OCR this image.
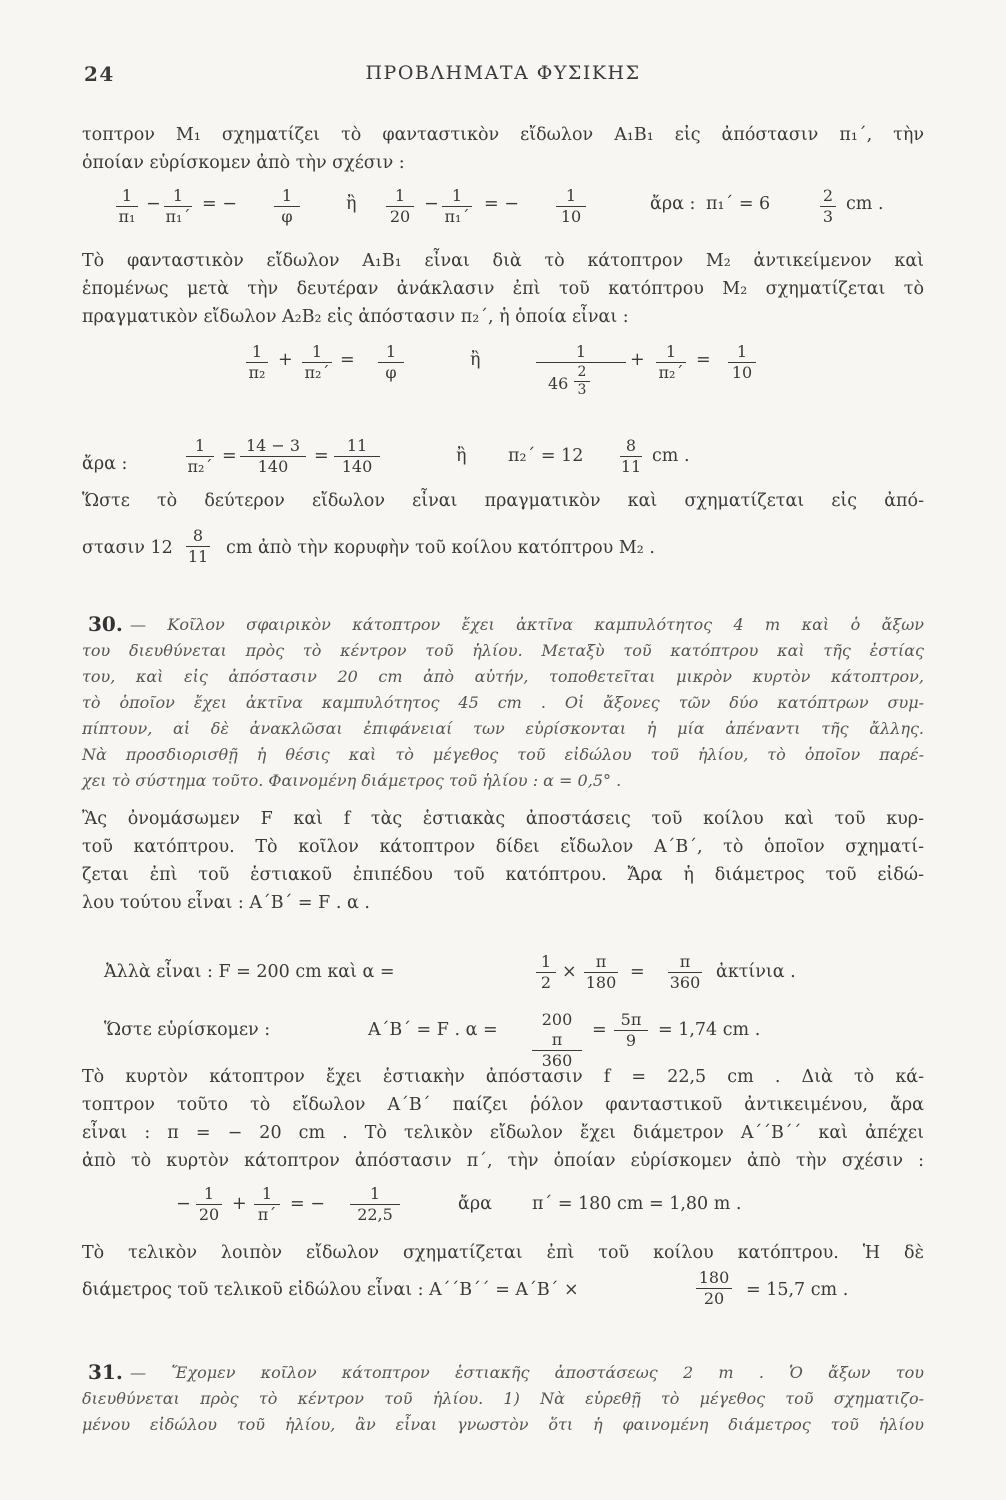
24	ΠΡΟΒΛΗΜΑΤΑ ΦΥΣΙΚΗΣ
τοπτρον Μ₁ σχηματίζει τὸ φανταστικὸν εἴδωλον Α₁Β₁ εἰς ἀπόστασιν π₁΄, τὴν
ὁποίαν εὑρίσκομεν ἀπὸ τὴν σχέσιν :
$\frac{1}{\text{π₁}} - \frac{1}{\text{π₁΄}}$ = − $\frac{1}{\varphi}$	ἢ $\frac{1}{20} - \frac{1}{\text{π₁΄}}$ = − $\frac{1}{10}$	ἄρα : π₁΄ = 6	$\frac{2}{3}$ cm .
Τὸ φανταστικὸν εἴδωλον Α₁Β₁ εἶναι διὰ τὸ κάτοπτρον Μ₂ ἀντικείμενον καὶ
ἑπομένως μετὰ τὴν δευτέραν ἀνάκλασιν ἐπὶ τοῦ κατόπτρου Μ₂ σχηματίζεται τὸ
πραγματικὸν εἴδωλον Α₂Β₂ εἰς ἀπόστασιν π₂΄, ἡ ὁποία εἶναι :
$\frac{1}{\text{π₂}} + \frac{1}{\text{π₂΄}} = \frac{1}{\varphi}$	ἢ	1
$46 \frac{2}{3}$
+ $\frac{1}{\text{π₂΄}} = \frac{1}{10}$
ἄρα :	$\frac{1}{\text{π₂΄}} = \frac{14 - 3}{140} = \frac{11}{140}$	ἢ $\pi_2΄ = 12 \frac{8}{11}$ cm .
Ὥστε τὸ δεύτερον εἴδωλον εἶναι πραγματικὸν καὶ σχηματίζεται εἰς ἀπό-
στασιν $12 \frac{8}{11}$ cm ἀπὸ τὴν κορυφὴν τοῦ κοίλου κατόπτρου Μ₂ .
30. — Κοῖλον σφαιρικὸν κάτοπτρον ἔχει ἀκτῖνα καμπυλότητος 4 m καὶ ὁ ἄξων
του διευθύνεται πρὸς τὸ κέντρον τοῦ ἡλίου. Μεταξὺ τοῦ κατόπτρου καὶ τῆς ἑστίας
του, καὶ εἰς ἀπόστασιν 20 cm ἀπὸ αὐτήν, τοποθετεῖται μικρὸν κυρτὸν κάτοπτρον,
τὸ ὁποῖον ἔχει ἀκτῖνα καμπυλότητος 45 cm . Οἱ ἄξονες τῶν δύο κατόπτρων συμ-
πίπτουν, αἱ δὲ ἀνακλῶσαι ἐπιφάνειαί των εὑρίσκονται ἡ μία ἀπέναντι τῆς ἄλλης.
Νὰ προσδιορισθῇ ἡ θέσις καὶ τὸ μέγεθος τοῦ εἰδώλου τοῦ ἡλίου, τὸ ὁποῖον παρέ-
χει τὸ σύστημα τοῦτο. Φαινομένη διάμετρος τοῦ ἡλίου : α = 0,5° .
Ἂς ὀνομάσωμεν F καὶ f τὰς ἑστιακὰς ἀποστάσεις τοῦ κοίλου καὶ τοῦ κυρ-
τοῦ κατόπτρου. Τὸ κοῖλον κάτοπτρον δίδει εἴδωλον Α΄Β΄, τὸ ὁποῖον σχηματί-
ζεται ἐπὶ τοῦ ἑστιακοῦ ἐπιπέδου τοῦ κατόπτρου. Ἄρα ἡ διάμετρος τοῦ εἰδώ-
λου τούτου εἶναι : Α΄Β΄ = F . α .
Ἀλλὰ εἶναι : F = 200 cm καὶ α =	$\frac{1}{2} \times \frac{\pi}{180} = \frac{\pi}{360}$ ἀκτίνια .
Ὥστε εὑρίσκομεν :	Α΄Β΄ = F . $\alpha = \frac{200 \pi}{360} = \frac{5\pi}{9} = 1,74$ cm .
Τὸ κυρτὸν κάτοπτρον ἔχει ἑστιακὴν ἀπόστασιν f = 22,5 cm . Διὰ τὸ κά-
τοπτρον τοῦτο τὸ εἴδωλον Α΄Β΄ παίζει ῥόλον φανταστικοῦ ἀντικειμένου, ἄρα
εἶναι : π = − 20 cm . Τὸ τελικὸν εἴδωλον ἔχει διάμετρον Α΄΄Β΄΄ καὶ ἀπέχει
ἀπὸ τὸ κυρτὸν κάτοπτρον ἀπόστασιν π΄, τὴν ὁποίαν εὑρίσκομεν ἀπὸ τὴν σχέσιν :
− $\frac{1}{20} + \frac{1}{\pi΄}$ = − $\frac{1}{22,5}$	ἄρα π΄ = 180 cm = 1,80 m .
Τὸ τελικὸν λοιπὸν εἴδωλον σχηματίζεται ἐπὶ τοῦ κοίλου κατόπτρου. Ἡ δὲ
διάμετρος τοῦ τελικοῦ εἰδώλου εἶναι : Α΄΄Β΄΄ = Α΄Β΄ ×	$\frac{180}{20} = 15,7$ cm .
31. — Ἔχομεν κοῖλον κάτοπτρον ἑστιακῆς ἀποστάσεως 2 m . Ὁ ἄξων του
διευθύνεται πρὸς τὸ κέντρον τοῦ ἡλίου. 1) Νὰ εὑρεθῇ τὸ μέγεθος τοῦ σχηματιζο-
μένου εἰδώλου τοῦ ἡλίου, ἂν εἶναι γνωστὸν ὅτι ἡ φαινομένη διάμετρος τοῦ ἡλίου
